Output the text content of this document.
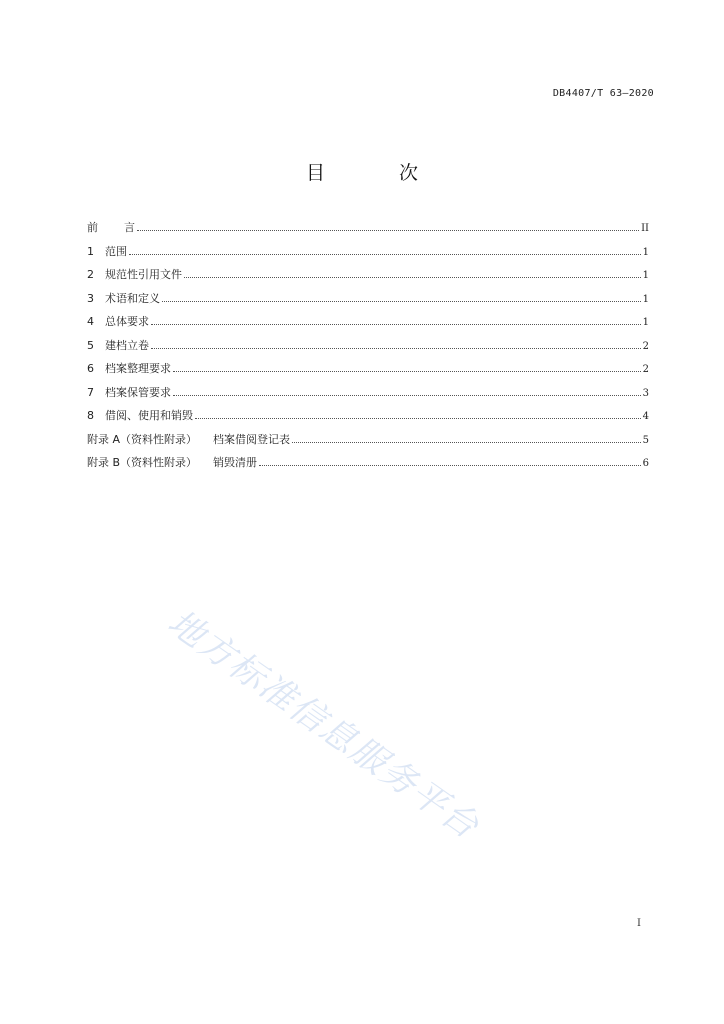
DB4407/T 63—2020
目 次
前 言	II
1	范围	1
2	规范性引用文件	1
3	术语和定义	1
4	总体要求	1
5	建档立卷	2
6	档案整理要求	2
7	档案保管要求	3
8	借阅、使用和销毁	4
附录 A（资料性附录） 档案借阅登记表	5
附录 B（资料性附录） 销毁清册	6
地方标准信息服务平台
I
